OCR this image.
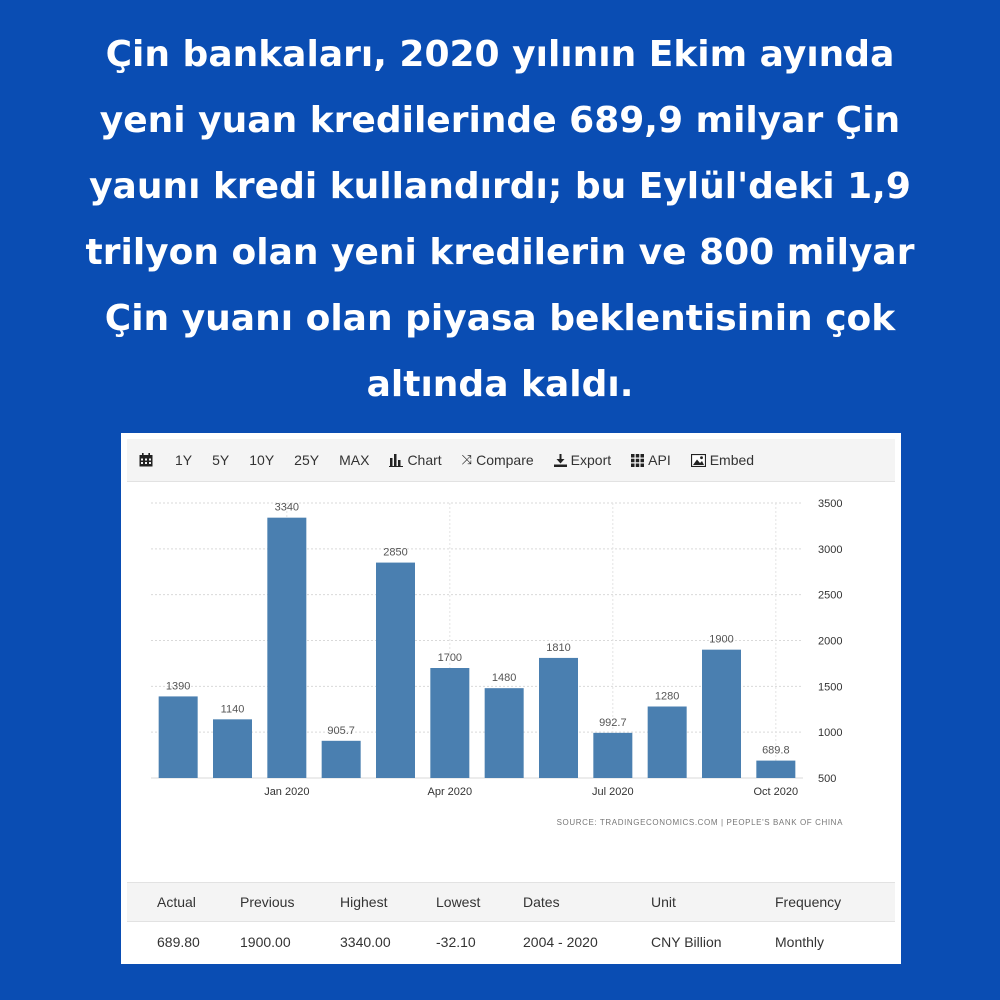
Çin bankaları, 2020 yılının Ekim ayında
yeni yuan kredilerinde 689,9 milyar Çin
yaunı kredi kullandırdı; bu Eylül'deki 1,9
trilyon olan yeni kredilerin ve 800 milyar
Çin yuanı olan piyasa beklentisinin çok
altında kaldı.
1Y 5Y 10Y 25Y MAX	Chart ⤨ Compare	Export	API	Embed
500
1000
1500
2000
2500
3000
3500
1390
1140
3340
905.7
2850
1700
1480
1810
992.7
1280
1900
689.8
Jan 2020	Apr 2020	Jul 2020	Oct 2020
SOURCE: TRADINGECONOMICS.COM | PEOPLE'S BANK OF CHINA
Actual	Previous	Highest	Lowest	Dates	Unit	Frequency
689.80	1900.00	3340.00	-32.10	2004 - 2020	CNY Billion	Monthly
